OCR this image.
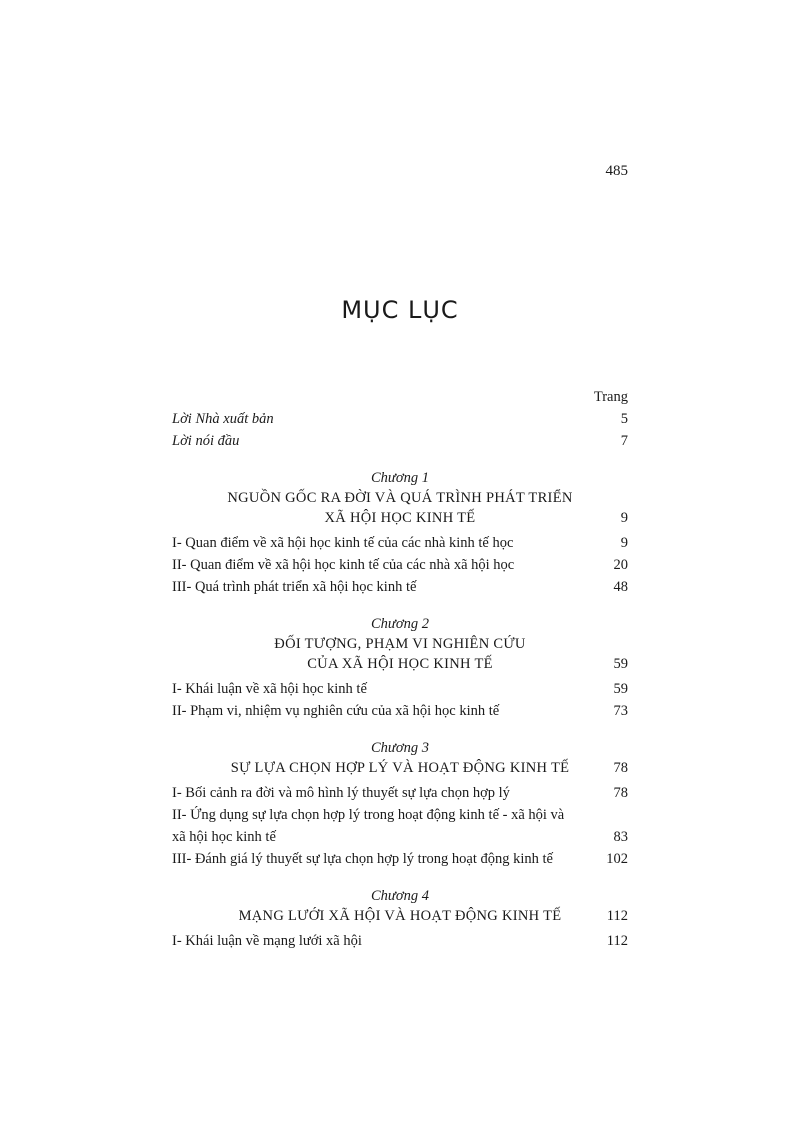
485
MỤC LỤC
Trang
Lời Nhà xuất bản	5
Lời nói đầu	7
Chương 1
NGUỒN GỐC RA ĐỜI VÀ QUÁ TRÌNH PHÁT TRIỂN
XÃ HỘI HỌC KINH TẾ	9
I- Quan điểm về xã hội học kinh tế của các nhà kinh tế học	9
II- Quan điểm về xã hội học kinh tế của các nhà xã hội học	20
III- Quá trình phát triển xã hội học kinh tế	48
Chương 2
ĐỐI TƯỢNG, PHẠM VI NGHIÊN CỨU
CỦA XÃ HỘI HỌC KINH TẾ	59
I- Khái luận về xã hội học kinh tế	59
II- Phạm vi, nhiệm vụ nghiên cứu của xã hội học kinh tế	73
Chương 3
SỰ LỰA CHỌN HỢP LÝ VÀ HOẠT ĐỘNG KINH TẾ	78
I- Bối cảnh ra đời và mô hình lý thuyết sự lựa chọn hợp lý	78
II- Ứng dụng sự lựa chọn hợp lý trong hoạt động kinh tế - xã hội và
xã hội học kinh tế	83
III- Đánh giá lý thuyết sự lựa chọn hợp lý trong hoạt động kinh tế	102
Chương 4
MẠNG LƯỚI XÃ HỘI VÀ HOẠT ĐỘNG KINH TẾ	112
I- Khái luận về mạng lưới xã hội	112
